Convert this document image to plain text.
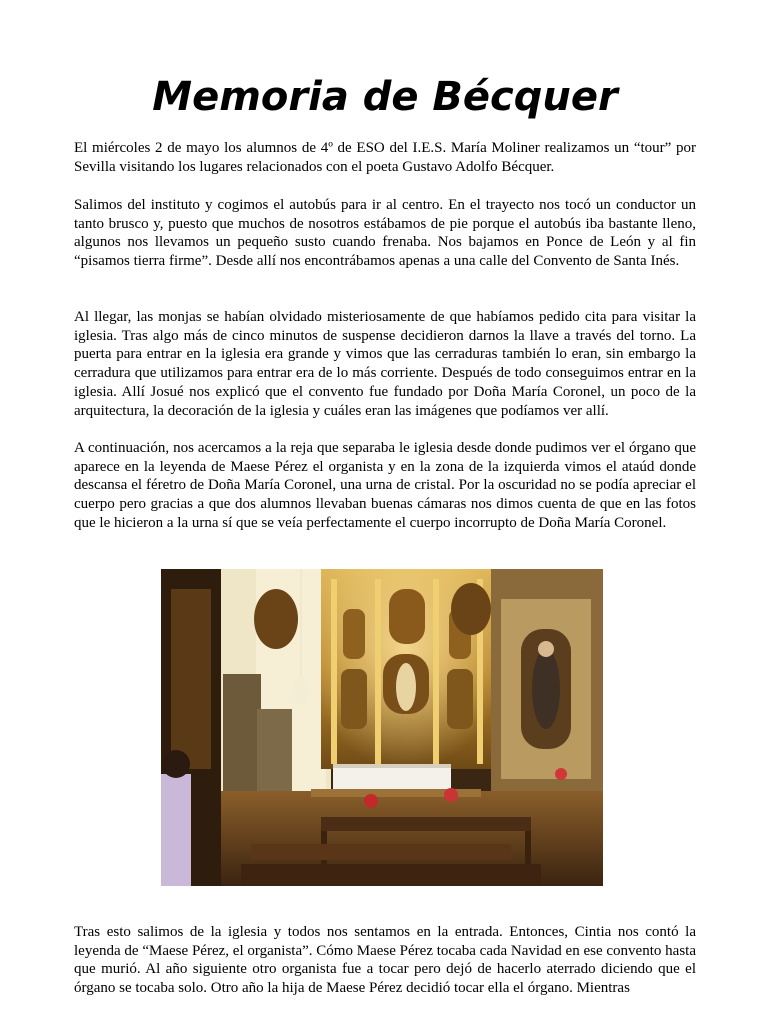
Memoria de Bécquer

El miércoles 2 de mayo los alumnos de 4º de ESO del I.E.S. María Moliner realizamos un “tour” por Sevilla visitando los lugares relacionados con el poeta Gustavo Adolfo Bécquer.

Salimos del instituto y cogimos el autobús para ir al centro. En el trayecto nos tocó un conductor un tanto brusco y, puesto que muchos de nosotros estábamos de pie porque el autobús iba bastante lleno, algunos nos llevamos un pequeño susto cuando frenaba. Nos bajamos en Ponce de León y al fin “pisamos tierra firme”. Desde allí nos encontrábamos apenas a una calle del Convento de Santa Inés.

Al llegar, las monjas se habían olvidado misteriosamente de que habíamos pedido cita para visitar la iglesia. Tras algo más de cinco minutos de suspense decidieron darnos la llave a través del torno. La puerta para entrar en la iglesia era grande y vimos que las cerraduras también lo eran, sin embargo la cerradura que utilizamos para entrar era de lo más corriente. Después de todo conseguimos entrar en la iglesia. Allí Josué nos explicó que el convento fue fundado por Doña María Coronel, un poco de la arquitectura, la decoración de la iglesia y cuáles eran las imágenes que podíamos ver allí.

A continuación, nos acercamos a la reja que separaba le iglesia desde donde pudimos ver el órgano que aparece en la leyenda de Maese Pérez el organista y en la zona de la izquierda vimos el ataúd donde descansa el féretro de Doña María Coronel, una urna de cristal. Por la oscuridad no se podía apreciar el cuerpo pero gracias a que dos alumnos llevaban buenas cámaras nos dimos cuenta de que en las fotos que le hicieron a la urna sí que se veía perfectamente el cuerpo incorrupto de Doña María Coronel.

Tras esto salimos de la iglesia y todos nos sentamos en la entrada. Entonces, Cintia nos contó la leyenda de “Maese Pérez, el organista”. Cómo Maese Pérez tocaba cada Navidad en ese convento hasta que murió. Al año siguiente otro organista fue a tocar pero dejó de hacerlo aterrado diciendo que el órgano se tocaba solo. Otro año la hija de Maese Pérez decidió tocar ella el órgano. Mientras
